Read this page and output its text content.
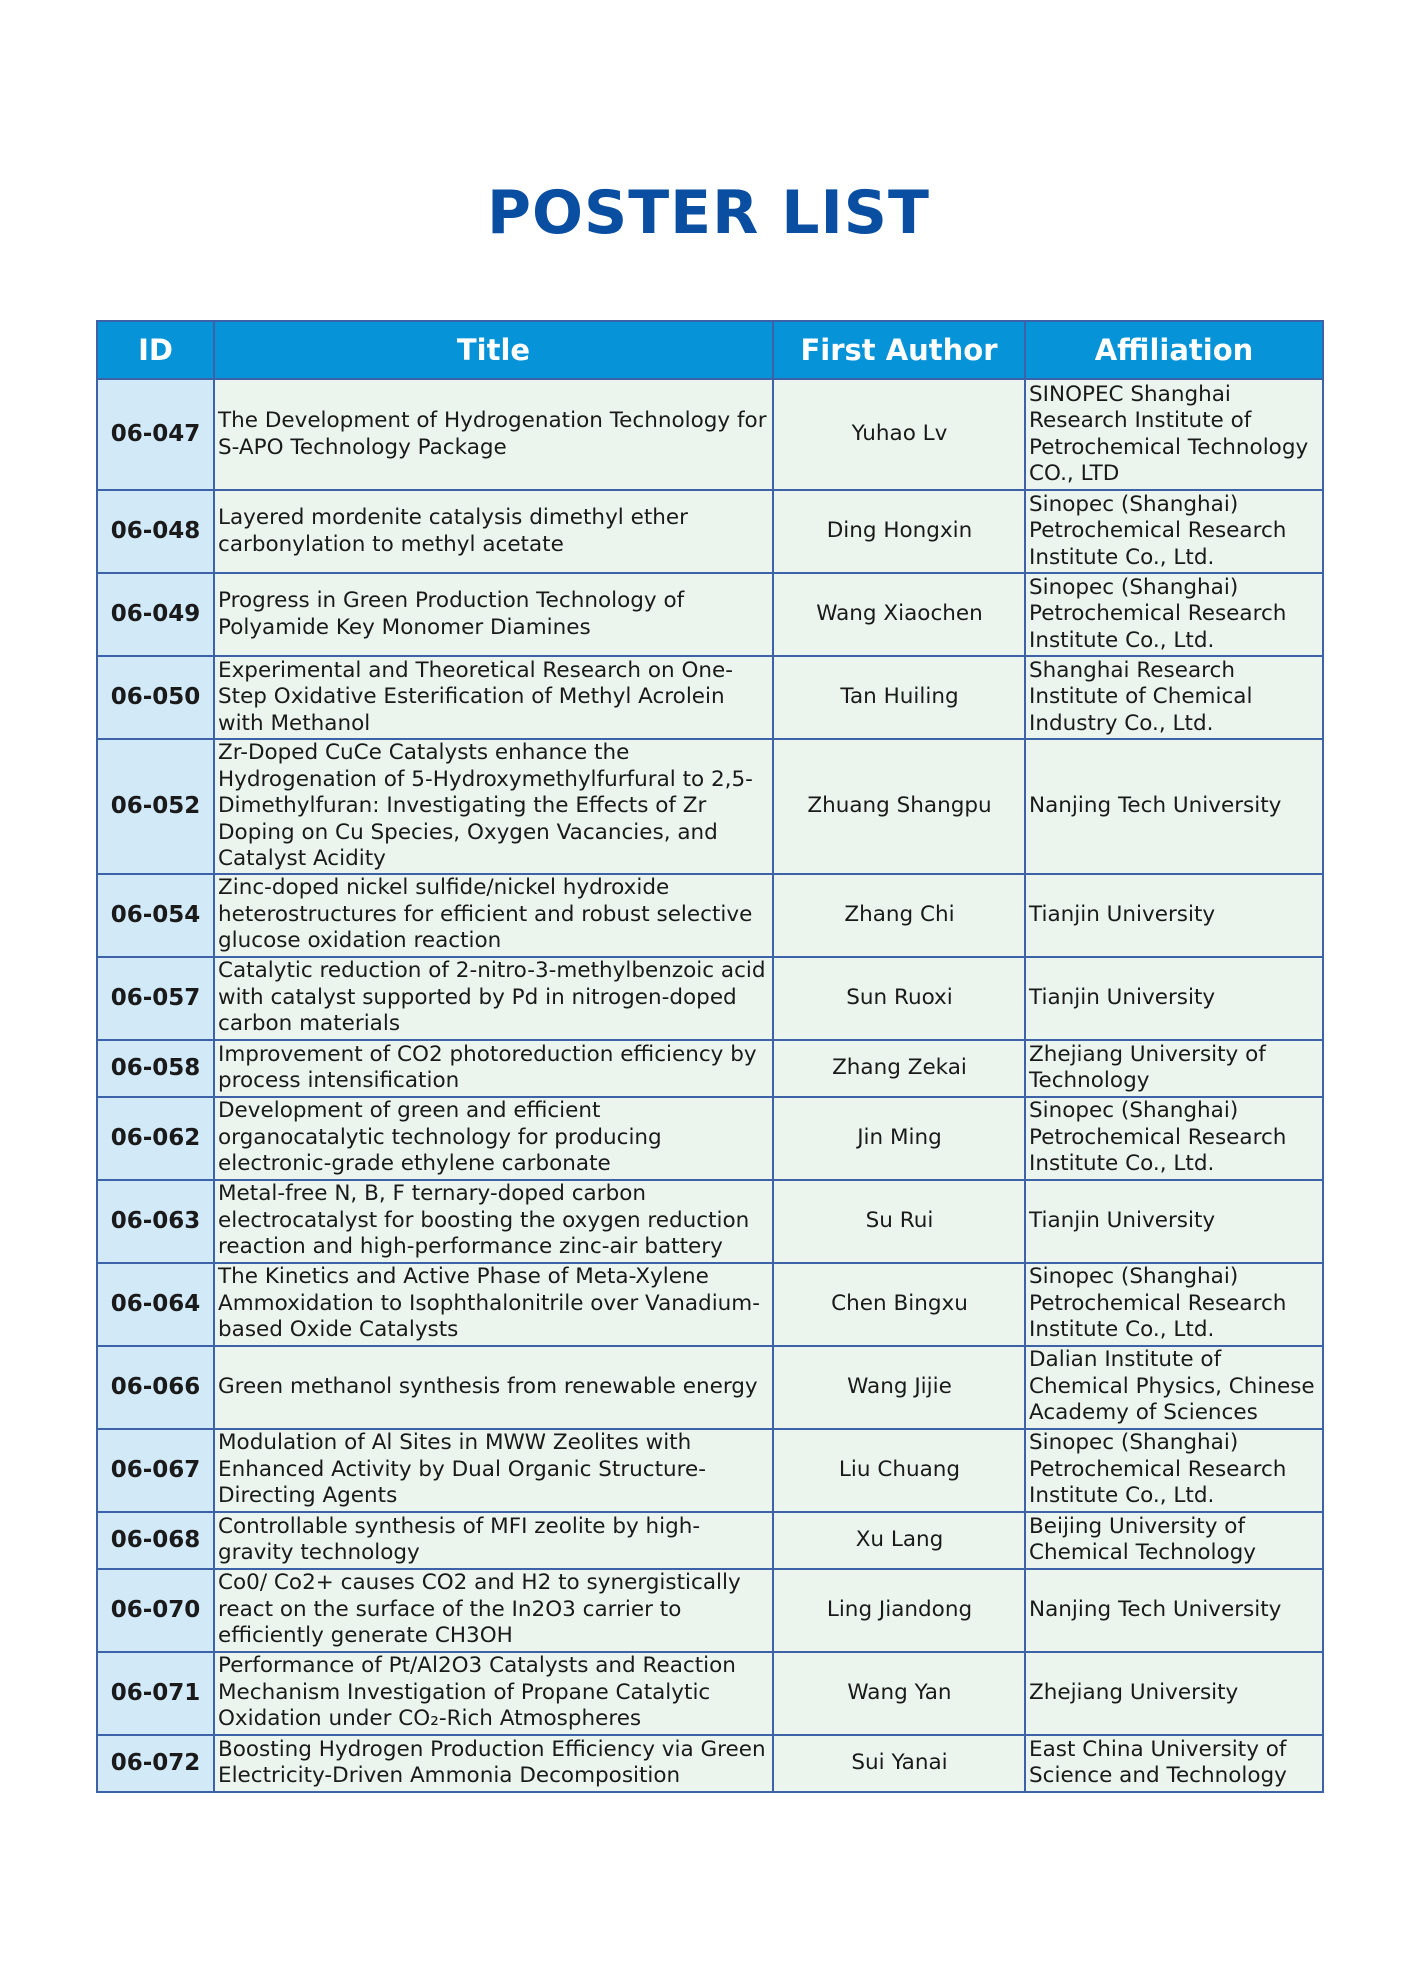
POSTER LIST
ID	Title	First Author	Affiliation
06-047	The Development of Hydrogenation Technology for S-APO Technology Package	Yuhao Lv	SINOPEC Shanghai Research Institute of Petrochemical Technology CO., LTD
06-048	Layered mordenite catalysis dimethyl ether carbonylation to methyl acetate	Ding Hongxin	Sinopec (Shanghai) Petrochemical Research Institute Co., Ltd.
06-049	Progress in Green Production Technology of Polyamide Key Monomer Diamines	Wang Xiaochen	Sinopec (Shanghai) Petrochemical Research Institute Co., Ltd.
06-050	Experimental and Theoretical Research on One-Step Oxidative Esterification of Methyl Acrolein with Methanol	Tan Huiling	Shanghai Research Institute of Chemical Industry Co., Ltd.
06-052	Zr-Doped CuCe Catalysts enhance the Hydrogenation of 5-Hydroxymethylfurfural to 2,5-Dimethylfuran: Investigating the Effects of Zr Doping on Cu Species, Oxygen Vacancies, and Catalyst Acidity	Zhuang Shangpu	Nanjing Tech University
06-054	Zinc-doped nickel sulfide/nickel hydroxide heterostructures for efficient and robust selective glucose oxidation reaction	Zhang Chi	Tianjin University
06-057	Catalytic reduction of 2-nitro-3-methylbenzoic acid with catalyst supported by Pd in nitrogen-doped carbon materials	Sun Ruoxi	Tianjin University
06-058	Improvement of CO2 photoreduction efficiency by process intensification	Zhang Zekai	Zhejiang University of Technology
06-062	Development of green and efficient organocatalytic technology for producing electronic-grade ethylene carbonate	Jin Ming	Sinopec (Shanghai) Petrochemical Research Institute Co., Ltd.
06-063	Metal-free N, B, F ternary-doped carbon electrocatalyst for boosting the oxygen reduction reaction and high-performance zinc-air battery	Su Rui	Tianjin University
06-064	The Kinetics and Active Phase of Meta-Xylene Ammoxidation to Isophthalonitrile over Vanadium-based Oxide Catalysts	Chen Bingxu	Sinopec (Shanghai) Petrochemical Research Institute Co., Ltd.
06-066	Green methanol synthesis from renewable energy	Wang Jijie	Dalian Institute of Chemical Physics, Chinese Academy of Sciences
06-067	Modulation of Al Sites in MWW Zeolites with Enhanced Activity by Dual Organic Structure-Directing Agents	Liu Chuang	Sinopec (Shanghai) Petrochemical Research Institute Co., Ltd.
06-068	Controllable synthesis of MFI zeolite by high-gravity technology	Xu Lang	Beijing University of Chemical Technology
06-070	Co0/ Co2+ causes CO2 and H2 to synergistically react on the surface of the In2O3 carrier to efficiently generate CH3OH	Ling Jiandong	Nanjing Tech University
06-071	Performance of Pt/Al2O3 Catalysts and Reaction Mechanism Investigation of Propane Catalytic Oxidation under CO₂-Rich Atmospheres	Wang Yan	Zhejiang University
06-072	Boosting Hydrogen Production Efficiency via Green Electricity-Driven Ammonia Decomposition	Sui Yanai	East China University of Science and Technology
